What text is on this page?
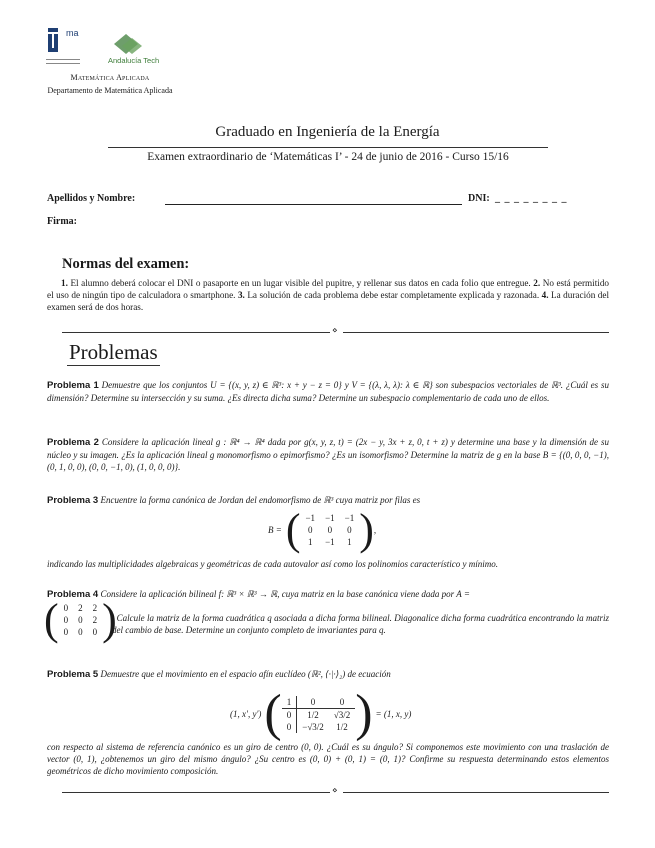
ma
Andalucía Tech
Matemática Aplicada
Departamento de Matemática Aplicada
Graduado en Ingeniería de la Energía
Examen extraordinario de ‘Matemáticas I’ - 24 de junio de 2016 - Curso 15/16
Apellidos y Nombre:	DNI: _ _ _ _ _ _ _ _
Firma:
Normas del examen:
1. El alumno deberá colocar el DNI o pasaporte en un lugar visible del pupitre, y rellenar sus datos en cada folio que entregue. 2. No está permitido el uso de ningún tipo de calculadora o smartphone. 3. La solución de cada problema debe estar completamente explicada y razonada. 4. La duración del examen será de dos horas.
⋄
Problemas
Problema 1 Demuestre que los conjuntos U = {(x, y, z) ∈ ℝ³: x + y − z = 0} y V = {(λ, λ, λ): λ ∈ ℝ} son subespacios vectoriales de ℝ³. ¿Cuál es su dimensión? Determine su intersección y su suma. ¿Es directa dicha suma? Determine un subespacio complementario de cada uno de ellos.
Problema 2 Considere la aplicación lineal g : ℝ⁴ → ℝ⁴ dada por g(x, y, z, t) = (2x − y, 3x + z, 0, t + z) y determine una base y la dimensión de su núcleo y su imagen. ¿Es la aplicación lineal g monomorfismo o epimorfismo? ¿Es un isomorfismo? Determine la matriz de g en la base B = {(0, 0, 0, −1), (0, 1, 0, 0), (0, 0, −1, 0), (1, 0, 0, 0)}.
Problema 3 Encuentre la forma canónica de Jordan del endomorfismo de ℝ³ cuya matriz por filas es
B = ( −1	−1	−1
0	0	0
1	−1	1 ) ,
indicando las multiplicidades algebraicas y geométricas de cada autovalor así como los polinomios característico y mínimo.
Problema 4 Considere la aplicación bilineal f: ℝ³ × ℝ³ → ℝ, cuya matriz en la base canónica viene dada por A =
( 0	2	2
0	0	2
0	0	0 )
. Calcule la matriz de la forma cuadrática q asociada a dicha forma bilineal. Diagonalice dicha forma cuadrática encontrando la matriz del cambio de base. Determine un conjunto completo de invariantes para q.
Problema 5 Demuestre que el movimiento en el espacio afín euclídeo (ℝ², ⟨·|·⟩₂) de ecuación
(1, x′, y′) ( 1	0	0
0	1/2	√3/2
0	−√3/2	1/2 ) = (1, x, y)
con respecto al sistema de referencia canónico es un giro de centro (0, 0). ¿Cuál es su ángulo? Si componemos este movimiento con una traslación de vector (0, 1), ¿obtenemos un giro del mismo ángulo? ¿Su centro es (0, 0) + (0, 1) = (0, 1)? Confirme su respuesta determinando estos elementos geométricos de dicho movimiento composición.
⋄
